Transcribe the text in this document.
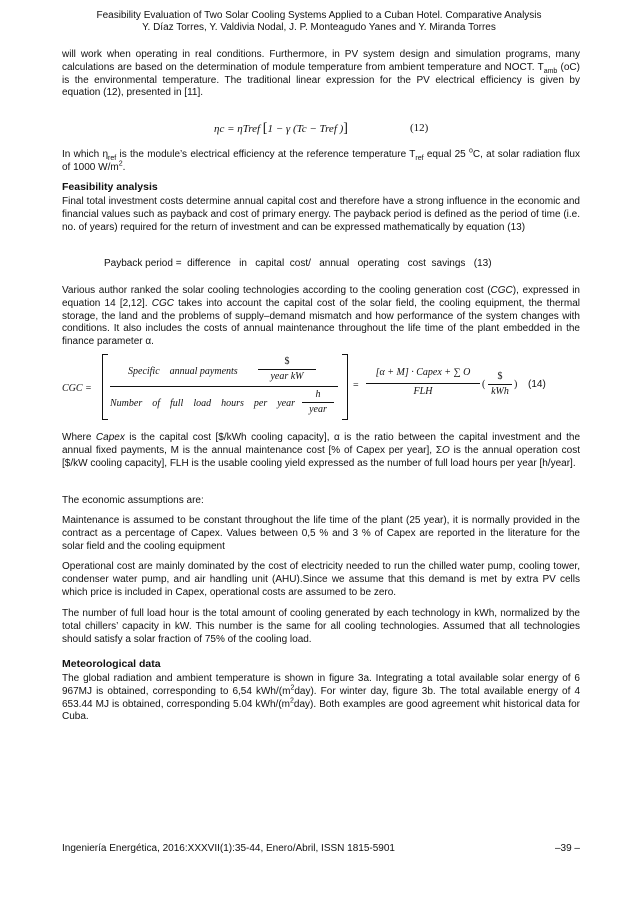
Feasibility Evaluation of Two Solar Cooling Systems Applied to a Cuban Hotel. Comparative Analysis
Y. Díaz Torres, Y. Valdivia Nodal, J. P. Monteagudo Yanes and Y. Miranda Torres
will work when operating in real conditions. Furthermore, in PV system design and simulation programs, many calculations are based on the determination of module temperature from ambient temperature and NOCT. $T_{amb}$ (oC) is the environmental temperature. The traditional linear expression for the PV electrical efficiency is given by equation (12), presented in [11].
ηc = ηTref [1 − γ (Tc − Tref )]	(12)
In which $\eta_{ref}$ is the module’s electrical efficiency at the reference temperature $T_{ref}$ equal 25 $^o$C, at solar radiation flux of 1000 $W/m^2$.
Feasibility analysis
Final total investment costs determine annual capital cost and therefore have a strong influence in the economic and financial values such as payback and cost of primary energy. The payback period is defined as the period of time (i.e. no. of years) required for the return of investment and can be expressed mathematically by equation (13)
Payback period =  difference   in   capital  cost/   annual   operating   cost  savings   (13)
Various author ranked the solar cooling technologies according to the cooling generation cost (CGC), expressed in equation 14 [2,12]. CGC takes into account the capital cost of the solar field, the cooling equipment, the thermal storage, the land and the problems of supply–demand mismatch and how performance of the system changes with conditions. It also includes the costs of annual maintenance throughout the life time of the plant embedded in the finance parameter α.
CGC =
Specific    annual payments
$
year kW
Number    of    full    load    hours    per    year
h
year
=
[α + M] · Capex + ∑ O
FLH
(
$
kWh
) (14)
Where Capex is the capital cost [$/kWh cooling capacity], α is the ratio between the capital investment and the annual fixed payments, M is the annual maintenance cost [% of Capex per year], ΣO is the annual operation cost [$/kW cooling capacity], FLH is the usable cooling yield expressed as the number of full load hours per year [h/year].
The economic assumptions are:
Maintenance is assumed to be constant throughout the life time of the plant (25 year), it is normally provided in the contract as a percentage of Capex. Values between 0,5 % and 3 % of Capex are reported in the literature for the solar field and the cooling equipment
Operational cost are mainly dominated by the cost of electricity needed to run the chilled water pump, cooling tower, condenser water pump, and air handling unit (AHU).Since we assume that this demand is met by extra PV cells which price is included in Capex, operational costs are assumed to be zero.
The number of full load hour is the total amount of cooling generated by each technology in kWh, normalized by the total chillers’ capacity in kW. This number is the same for all cooling technologies. Assumed that all technologies should satisfy a solar fraction of 75% of the cooling load.
Meteorological data
The global radiation and ambient temperature is shown in figure 3a. Integrating a total available solar energy of 6 967MJ is obtained, corresponding to 6,54 kWh/$(m^2day)$. For winter day, figure 3b. The total available energy of 4 653.44 MJ is obtained, corresponding 5.04 kWh/$(m^2day)$. Both examples are good agreement whit historical data for Cuba.
Ingeniería Energética, 2016:XXXVII(1):35-44, Enero/Abril, ISSN 1815-5901	–39 –
